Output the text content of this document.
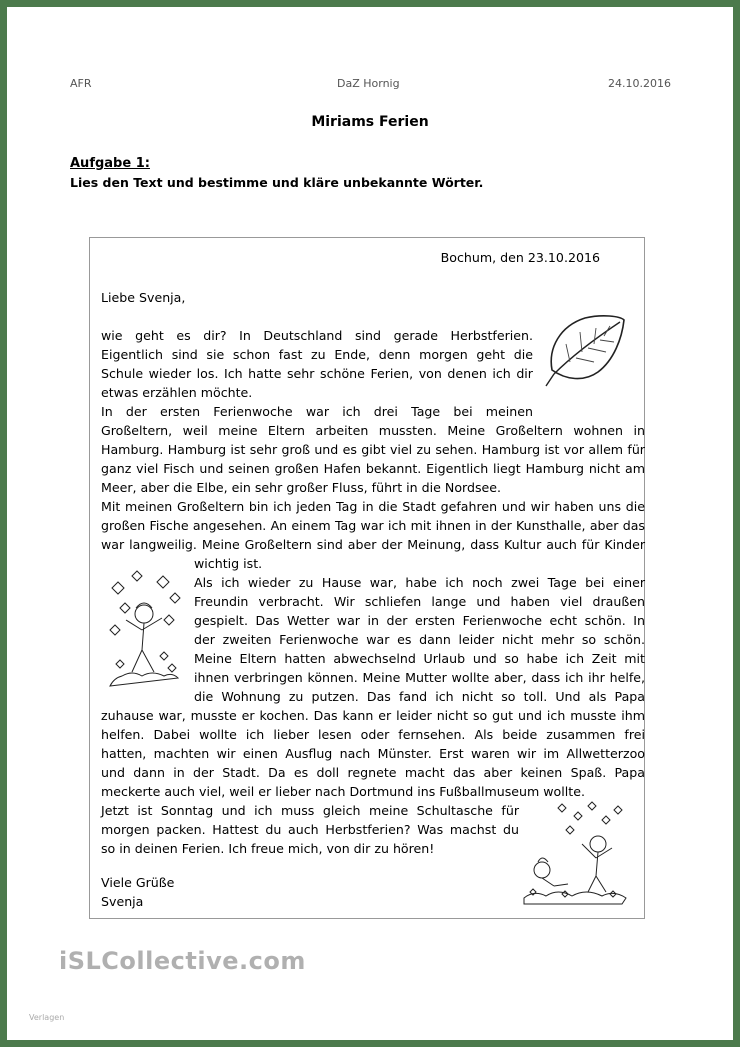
AFR	DaZ Hornig	24.10.2016
Miriams Ferien
Aufgabe 1:
Lies den Text und bestimme und kläre unbekannte Wörter.
Bochum, den 23.10.2016
Liebe Svenja,
wie geht es dir? In Deutschland sind gerade Herbstferien.
Eigentlich sind sie schon fast zu Ende, denn morgen geht die
Schule wieder los. Ich hatte sehr schöne Ferien, von denen ich dir
etwas erzählen möchte.
In der ersten Ferienwoche war ich drei Tage bei meinen
Großeltern, weil meine Eltern arbeiten mussten. Meine Großeltern wohnen in
Hamburg. Hamburg ist sehr groß und es gibt viel zu sehen. Hamburg ist vor allem für
ganz viel Fisch und seinen großen Hafen bekannt. Eigentlich liegt Hamburg nicht am
Meer, aber die Elbe, ein sehr großer Fluss, führt in die Nordsee.
Mit meinen Großeltern bin ich jeden Tag in die Stadt gefahren und wir haben uns die
großen Fische angesehen. An einem Tag war ich mit ihnen in der Kunsthalle, aber das
war langweilig. Meine Großeltern sind aber der Meinung, dass Kultur auch für Kinder
wichtig ist.
Als ich wieder zu Hause war, habe ich noch zwei Tage bei einer
Freundin verbracht. Wir schliefen lange und haben viel draußen
gespielt. Das Wetter war in der ersten Ferienwoche echt schön. In
der zweiten Ferienwoche war es dann leider nicht mehr so schön.
Meine Eltern hatten abwechselnd Urlaub und so habe ich Zeit mit
ihnen verbringen können. Meine Mutter wollte aber, dass ich ihr helfe,
die Wohnung zu putzen. Das fand ich nicht so toll. Und als Papa
zuhause war, musste er kochen. Das kann er leider nicht so gut und ich musste ihm
helfen. Dabei wollte ich lieber lesen oder fernsehen. Als beide zusammen frei
hatten, machten wir einen Ausflug nach Münster. Erst waren wir im Allwetterzoo
und dann in der Stadt. Da es doll regnete macht das aber keinen Spaß. Papa
meckerte auch viel, weil er lieber nach Dortmund ins Fußballmuseum wollte.
Jetzt ist Sonntag und ich muss gleich meine Schultasche für
morgen packen. Hattest du auch Herbstferien? Was machst du
so in deinen Ferien. Ich freue mich, von dir zu hören!
Viele Grüße
Svenja
iSLCollective.com
Verlagen
